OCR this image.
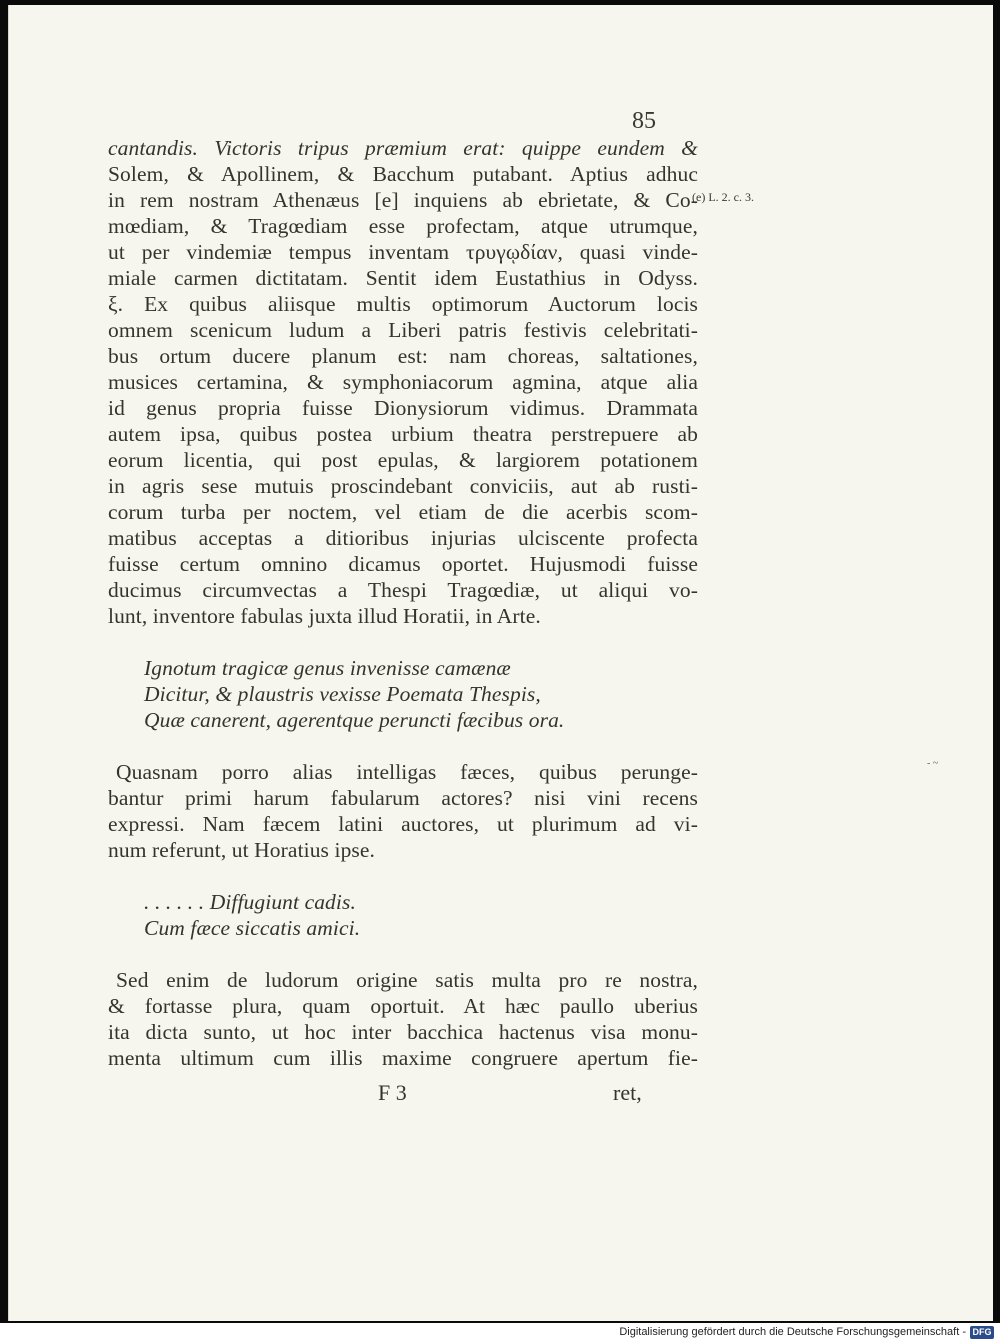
85
cantandis. Victoris tripus præmium erat: quippe eundem &
Solem, & Apollinem, & Bacchum putabant. Aptius adhuc
in rem nostram Athenæus [e] inquiens ab ebrietate, & Co-
mœdiam, & Tragœdiam esse profectam, atque utrumque,
ut per vindemiæ tempus inventam τρυγῳδίαν, quasi vinde-
miale carmen dictitatam. Sentit idem Eustathius in Odyss.
ξ. Ex quibus aliisque multis optimorum Auctorum locis
omnem scenicum ludum a Liberi patris festivis celebritati-
bus ortum ducere planum est: nam choreas, saltationes,
musices certamina, & symphoniacorum agmina, atque alia
id genus propria fuisse Dionysiorum vidimus. Drammata
autem ipsa, quibus postea urbium theatra perstrepuere ab
eorum licentia, qui post epulas, & largiorem potationem
in agris sese mutuis proscindebant conviciis, aut ab rusti-
corum turba per noctem, vel etiam de die acerbis scom-
matibus acceptas a ditioribus injurias ulciscente profecta
fuisse certum omnino dicamus oportet. Hujusmodi fuisse
ducimus circumvectas a Thespi Tragœdiæ, ut aliqui vo-
lunt, inventore fabulas juxta illud Horatii, in Arte.
Ignotum tragicæ genus invenisse camænæ
Dicitur, & plaustris vexisse Poemata Thespis,
Quæ canerent, agerentque peruncti fæcibus ora.
Quasnam porro alias intelligas fæces, quibus perunge-
bantur primi harum fabularum actores? nisi vini recens
expressi. Nam fæcem latini auctores, ut plurimum ad vi-
num referunt, ut Horatius ipse.
. . . . . . Diffugiunt cadis.
Cum fæce siccatis amici.
Sed enim de ludorum origine satis multa pro re nostra,
& fortasse plura, quam oportuit. At hæc paullo uberius
ita dicta sunto, ut hoc inter bacchica hactenus visa monu-
menta ultimum cum illis maxime congruere apertum fie-
(e) L. 2. c. 3.
F 3	ret,
- ~
Digitalisierung gefördert durch die Deutsche Forschungsgemeinschaft - DFG
